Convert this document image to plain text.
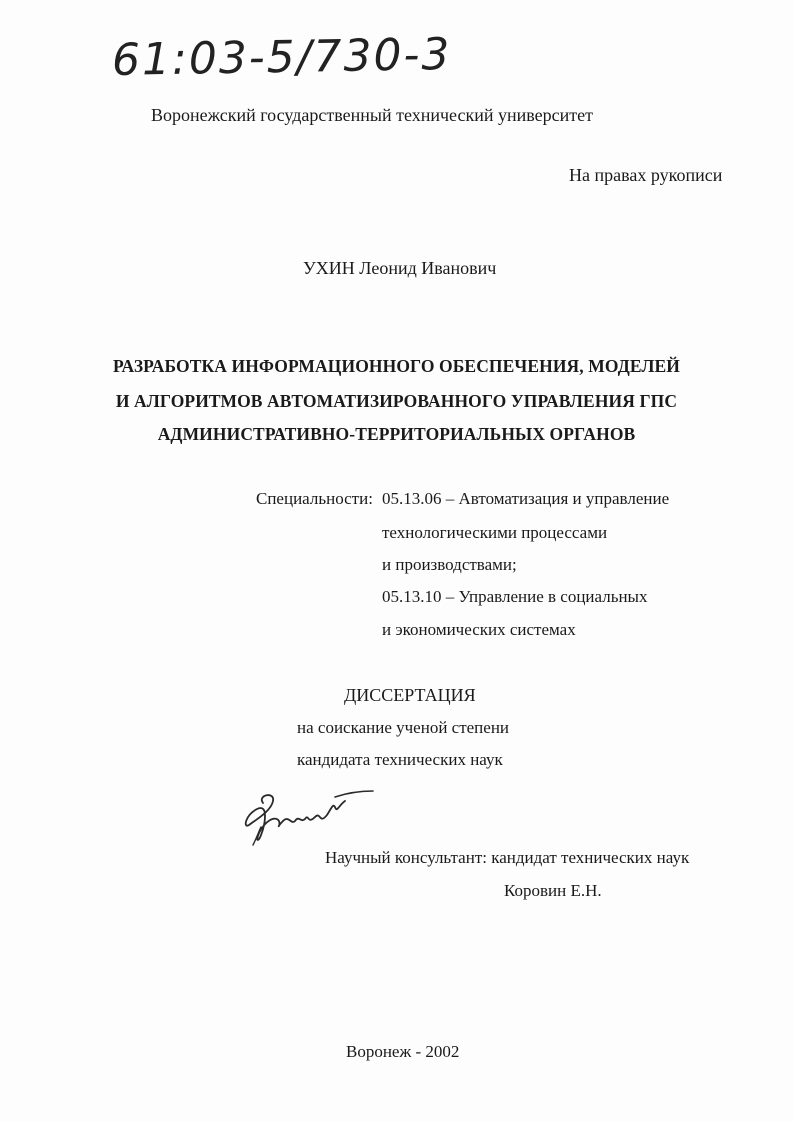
61:03-5/730-3
Воронежский государственный технический университет
На правах рукописи
УХИН Леонид Иванович
РАЗРАБОТКА ИНФОРМАЦИОННОГО ОБЕСПЕЧЕНИЯ, МОДЕЛЕЙ
И АЛГОРИТМОВ АВТОМАТИЗИРОВАННОГО УПРАВЛЕНИЯ ГПС
АДМИНИСТРАТИВНО-ТЕРРИТОРИАЛЬНЫХ ОРГАНОВ
Специальности: 05.13.06 – Автоматизация и управление
технологическими процессами
и производствами;
05.13.10 – Управление в социальных
и экономических системах
ДИССЕРТАЦИЯ
на соискание ученой степени
кандидата технических наук
Научный консультант: кандидат технических наук
Коровин Е.Н.
Воронеж - 2002
